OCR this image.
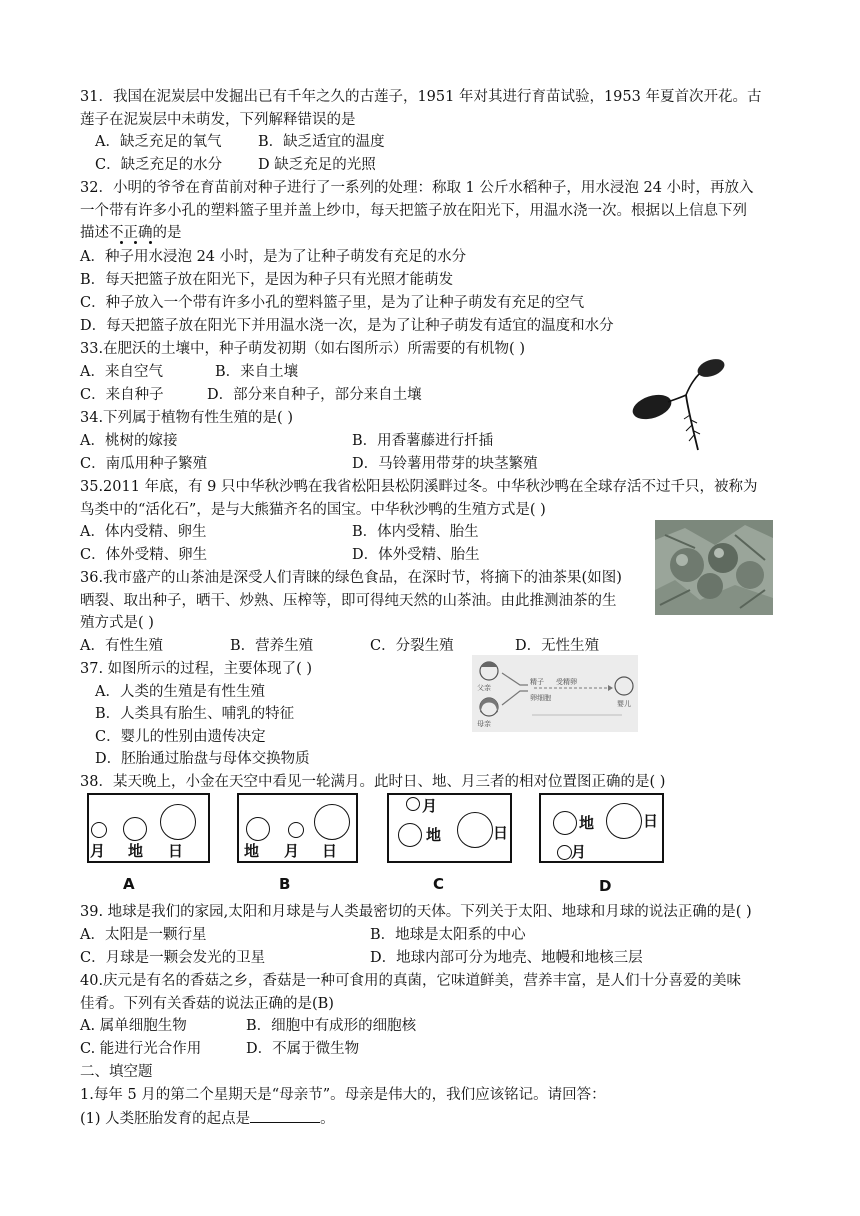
31．我国在泥炭层中发掘出已有千年之久的古莲子，1951 年对其进行育苗试验，1953 年夏首次开花。古
莲子在泥炭层中未萌发，下列解释错误的是
A．缺乏充足的氧气	B．缺乏适宜的温度
C．缺乏充足的水分 D 缺乏充足的光照
32．小明的爷爷在育苗前对种子进行了一系列的处理：称取 1 公斤水稻种子，用水浸泡 24 小时，再放入
一个带有许多小孔的塑料篮子里并盖上纱巾，每天把篮子放在阳光下，用温水浇一次。根据以上信息下列
描述不正确的是
A．种子用水浸泡 24 小时，是为了让种子萌发有充足的水分
B．每天把篮子放在阳光下，是因为种子只有光照才能萌发
C．种子放入一个带有许多小孔的塑料篮子里，是为了让种子萌发有充足的空气
D．每天把篮子放在阳光下并用温水浇一次，是为了让种子萌发有适宜的温度和水分
33.在肥沃的土壤中，种子萌发初期（如右图所示）所需要的有机物( )
A．来自空气	B．来自土壤
C．来自种子	D．部分来自种子，部分来自土壤
34.下列属于植物有性生殖的是( )
A．桃树的嫁接	B．用香薯藤进行扦插
C．南瓜用种子繁殖	D．马铃薯用带芽的块茎繁殖
35.2011 年底，有 9 只中华秋沙鸭在我省松阳县松阴溪畔过冬。中华秋沙鸭在全球存活不过千只，被称为
鸟类中的“活化石”，是与大熊猫齐名的国宝。中华秋沙鸭的生殖方式是( )
A．体内受精、卵生	B．体内受精、胎生
C．体外受精、卵生	D．体外受精、胎生
36.我市盛产的山茶油是深受人们青睐的绿色食品，在深时节，将摘下的油茶果(如图)
晒裂、取出种子，晒干、炒熟、压榨等，即可得纯天然的山茶油。由此推测油茶的生
殖方式是( )
A．有性生殖	B．营养生殖	C．分裂生殖	D．无性生殖
37. 如图所示的过程，主要体现了( )
A．人类的生殖是有性生殖
B．人类具有胎生、哺乳的特征
C．婴儿的性别由遗传决定
D．胚胎通过胎盘与母体交换物质
父亲
母亲
精子
卵细胞
受精卵
婴儿
38．某天晚上，小金在天空中看见一轮满月。此时日、地、月三者的相对位置图正确的是( )
月 地 日
A
地 月 日
B
月
地	日
C
地	日
月
D
39. 地球是我们的家园,太阳和月球是与人类最密切的天体。下列关于太阳、地球和月球的说法正确的是( )
A．太阳是一颗行星	B．地球是太阳系的中心
C．月球是一颗会发光的卫星	D．地球内部可分为地壳、地幔和地核三层
40.庆元是有名的香菇之乡，香菇是一种可食用的真菌，它味道鲜美，营养丰富，是人们十分喜爱的美味
佳肴。下列有关香菇的说法正确的是(B)
A. 属单细胞生物	B．细胞中有成形的细胞核
C. 能进行光合作用	D．不属于微生物
二、填空题
1.每年 5 月的第二个星期天是“母亲节”。母亲是伟大的，我们应该铭记。请回答：
(1) 人类胚胎发育的起点是	。
